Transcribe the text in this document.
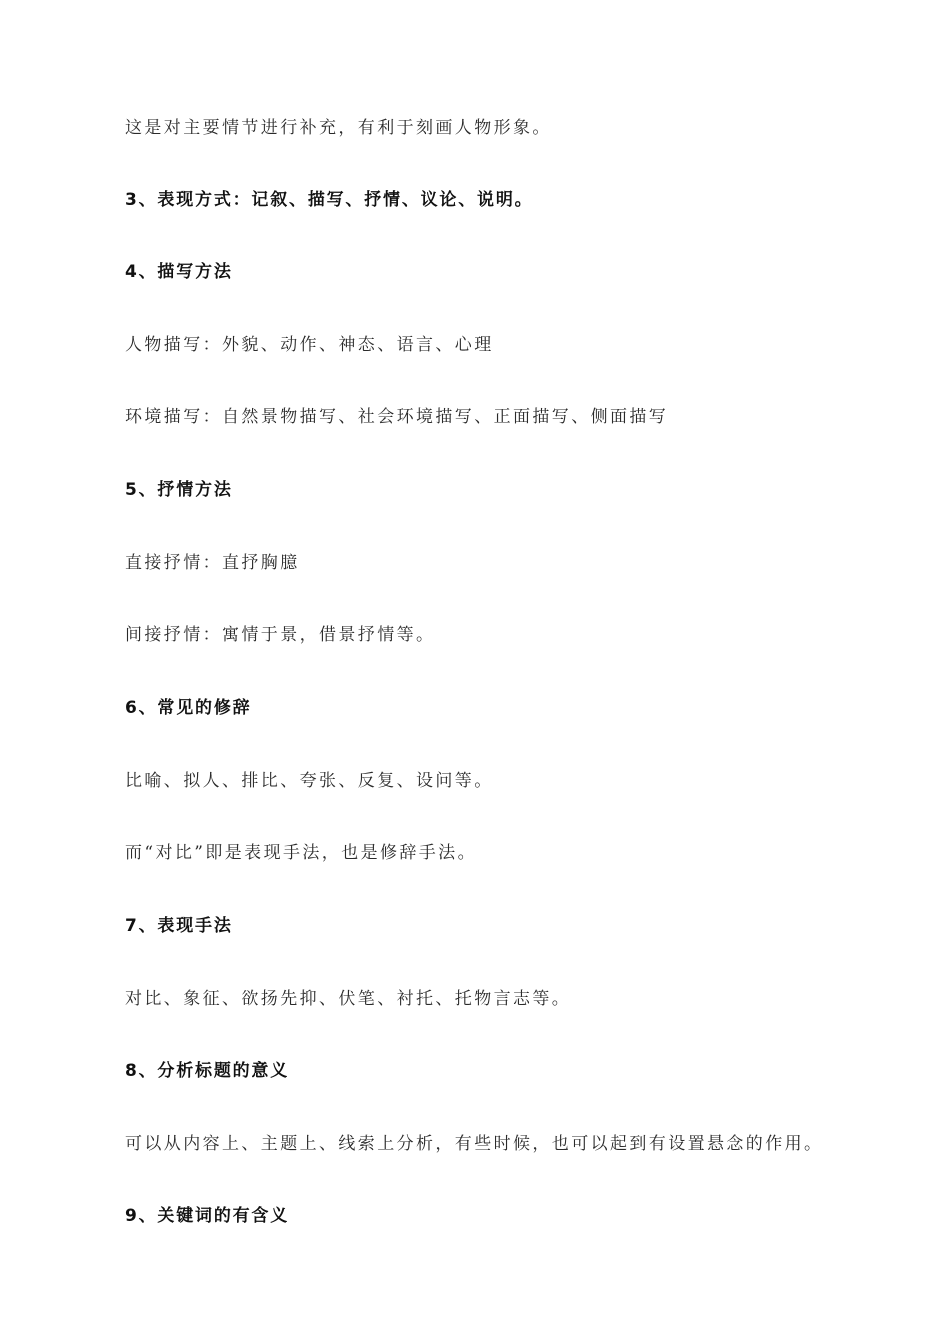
这是对主要情节进行补充，有利于刻画人物形象。

3、表现方式：记叙、描写、抒情、议论、说明。

4、描写方法

人物描写：外貌、动作、神态、语言、心理

环境描写：自然景物描写、社会环境描写、正面描写、侧面描写

5、抒情方法

直接抒情：直抒胸臆

间接抒情：寓情于景，借景抒情等。

6、常见的修辞

比喻、拟人、排比、夸张、反复、设问等。

而“对比”即是表现手法，也是修辞手法。

7、表现手法

对比、象征、欲扬先抑、伏笔、衬托、托物言志等。

8、分析标题的意义

可以从内容上、主题上、线索上分析，有些时候，也可以起到有设置悬念的作用。

9、关键词的有含义
